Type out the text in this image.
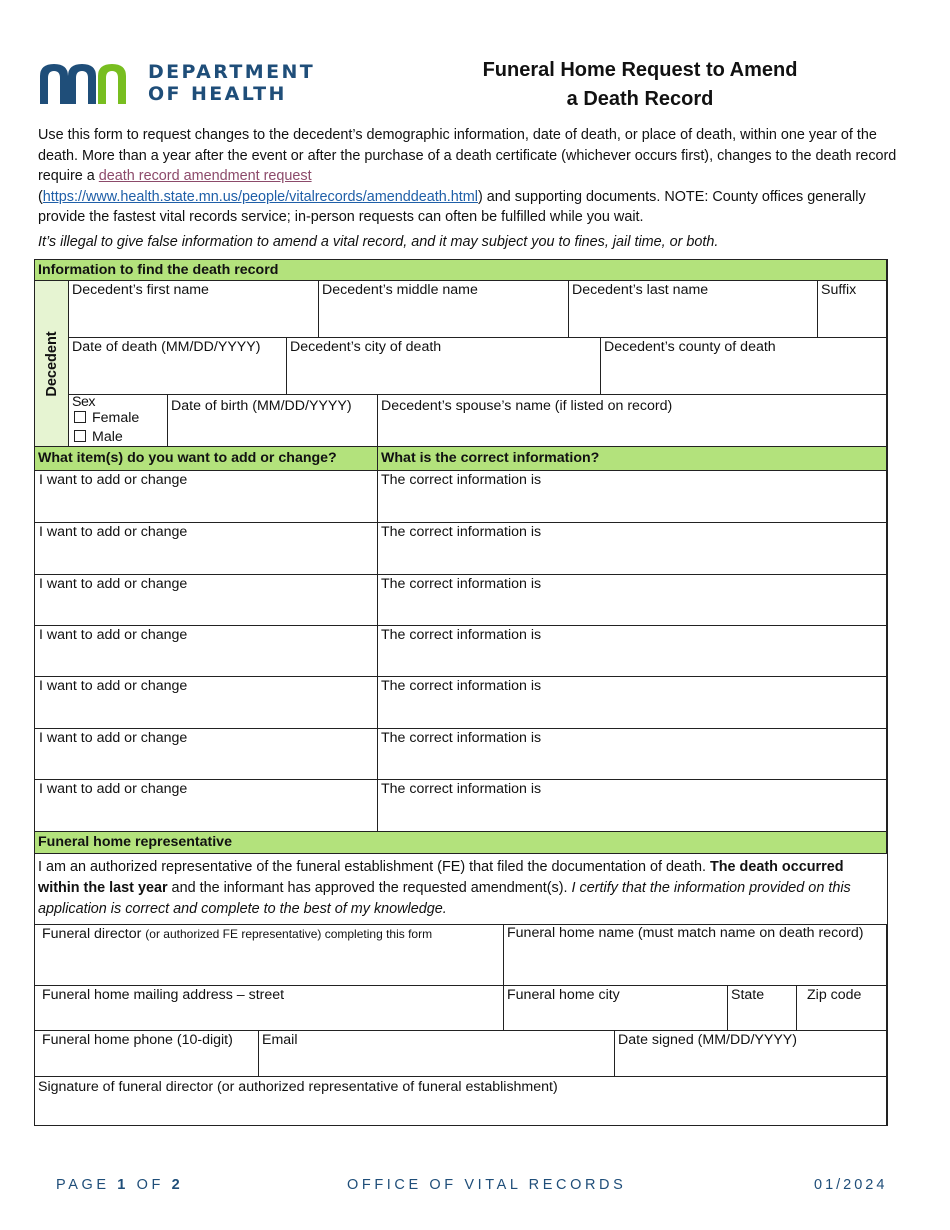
DEPARTMENT
OF HEALTH
Funeral Home Request to Amend
a Death Record
Use this form to request changes to the decedent’s demographic information, date of death, or place of death, within one year of the death. More than a year after the event or after the purchase of a death certificate (whichever occurs first), changes to the death record require a death record amendment request
(https://www.health.state.mn.us/people/vitalrecords/amenddeath.html) and supporting documents. NOTE: County offices generally provide the fastest vital records service; in-person requests can often be fulfilled while you wait.
It’s illegal to give false information to amend a vital record, and it may subject you to fines, jail time, or both.
Information to find the death record
Decedent
Decedent’s first name	Decedent’s middle name	Decedent’s last name	Suffix
Date of death (MM/DD/YYYY)	Decedent’s city of death	Decedent’s county of death
Sex
Female
Male
Date of birth (MM/DD/YYYY)	Decedent’s spouse’s name (if listed on record)
What item(s) do you want to add or change?	What is the correct information?
I want to add or change	The correct information is
I want to add or change	The correct information is
I want to add or change	The correct information is
I want to add or change	The correct information is
I want to add or change	The correct information is
I want to add or change	The correct information is
I want to add or change	The correct information is
Funeral home representative
I am an authorized representative of the funeral establishment (FE) that filed the documentation of death. The death occurred within the last year and the informant has approved the requested amendment(s). I certify that the information provided on this application is correct and complete to the best of my knowledge.
Funeral director (or authorized FE representative) completing this form	Funeral home name (must match name on death record)
Funeral home mailing address – street	Funeral home city	State	Zip code
Funeral home phone (10-digit)	Email	Date signed (MM/DD/YYYY)
Signature of funeral director (or authorized representative of funeral establishment)
PAGE 1 OF 2	OFFICE OF VITAL RECORDS	01/2024
